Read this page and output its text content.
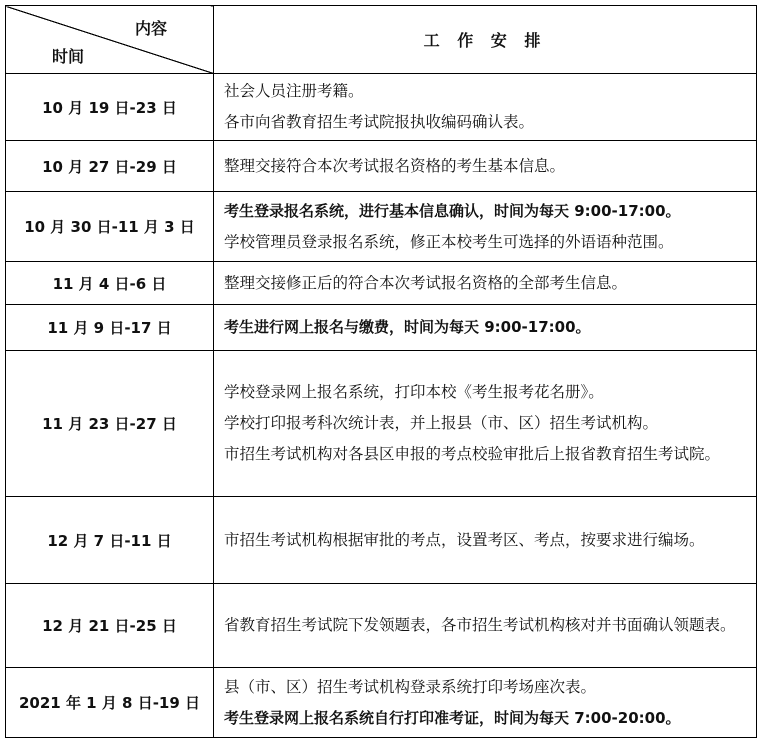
内容
时间	工 作 安 排
10 月 19 日-23 日	社会人员注册考籍。
各市向省教育招生考试院报执收编码确认表。

10 月 27 日-29 日	整理交接符合本次考试报名资格的考生基本信息。

10 月 30 日-11 月 3 日	考生登录报名系统，进行基本信息确认，时间为每天 9:00-17:00。
学校管理员登录报名系统，修正本校考生可选择的外语语种范围。

11 月 4 日-6 日	整理交接修正后的符合本次考试报名资格的全部考生信息。

11 月 9 日-17 日	考生进行网上报名与缴费，时间为每天 9:00-17:00。

11 月 23 日-27 日	学校登录网上报名系统，打印本校《考生报考花名册》。
学校打印报考科次统计表，并上报县（市、区）招生考试机构。
市招生考试机构对各县区申报的考点校验审批后上报省教育招生考试院。

12 月 7 日-11 日	市招生考试机构根据审批的考点，设置考区、考点，按要求进行编场。

12 月 21 日-25 日	省教育招生考试院下发领题表，各市招生考试机构核对并书面确认领题表。

2021 年 1 月 8 日-19 日	县（市、区）招生考试机构登录系统打印考场座次表。
考生登录网上报名系统自行打印准考证，时间为每天 7:00-20:00。
